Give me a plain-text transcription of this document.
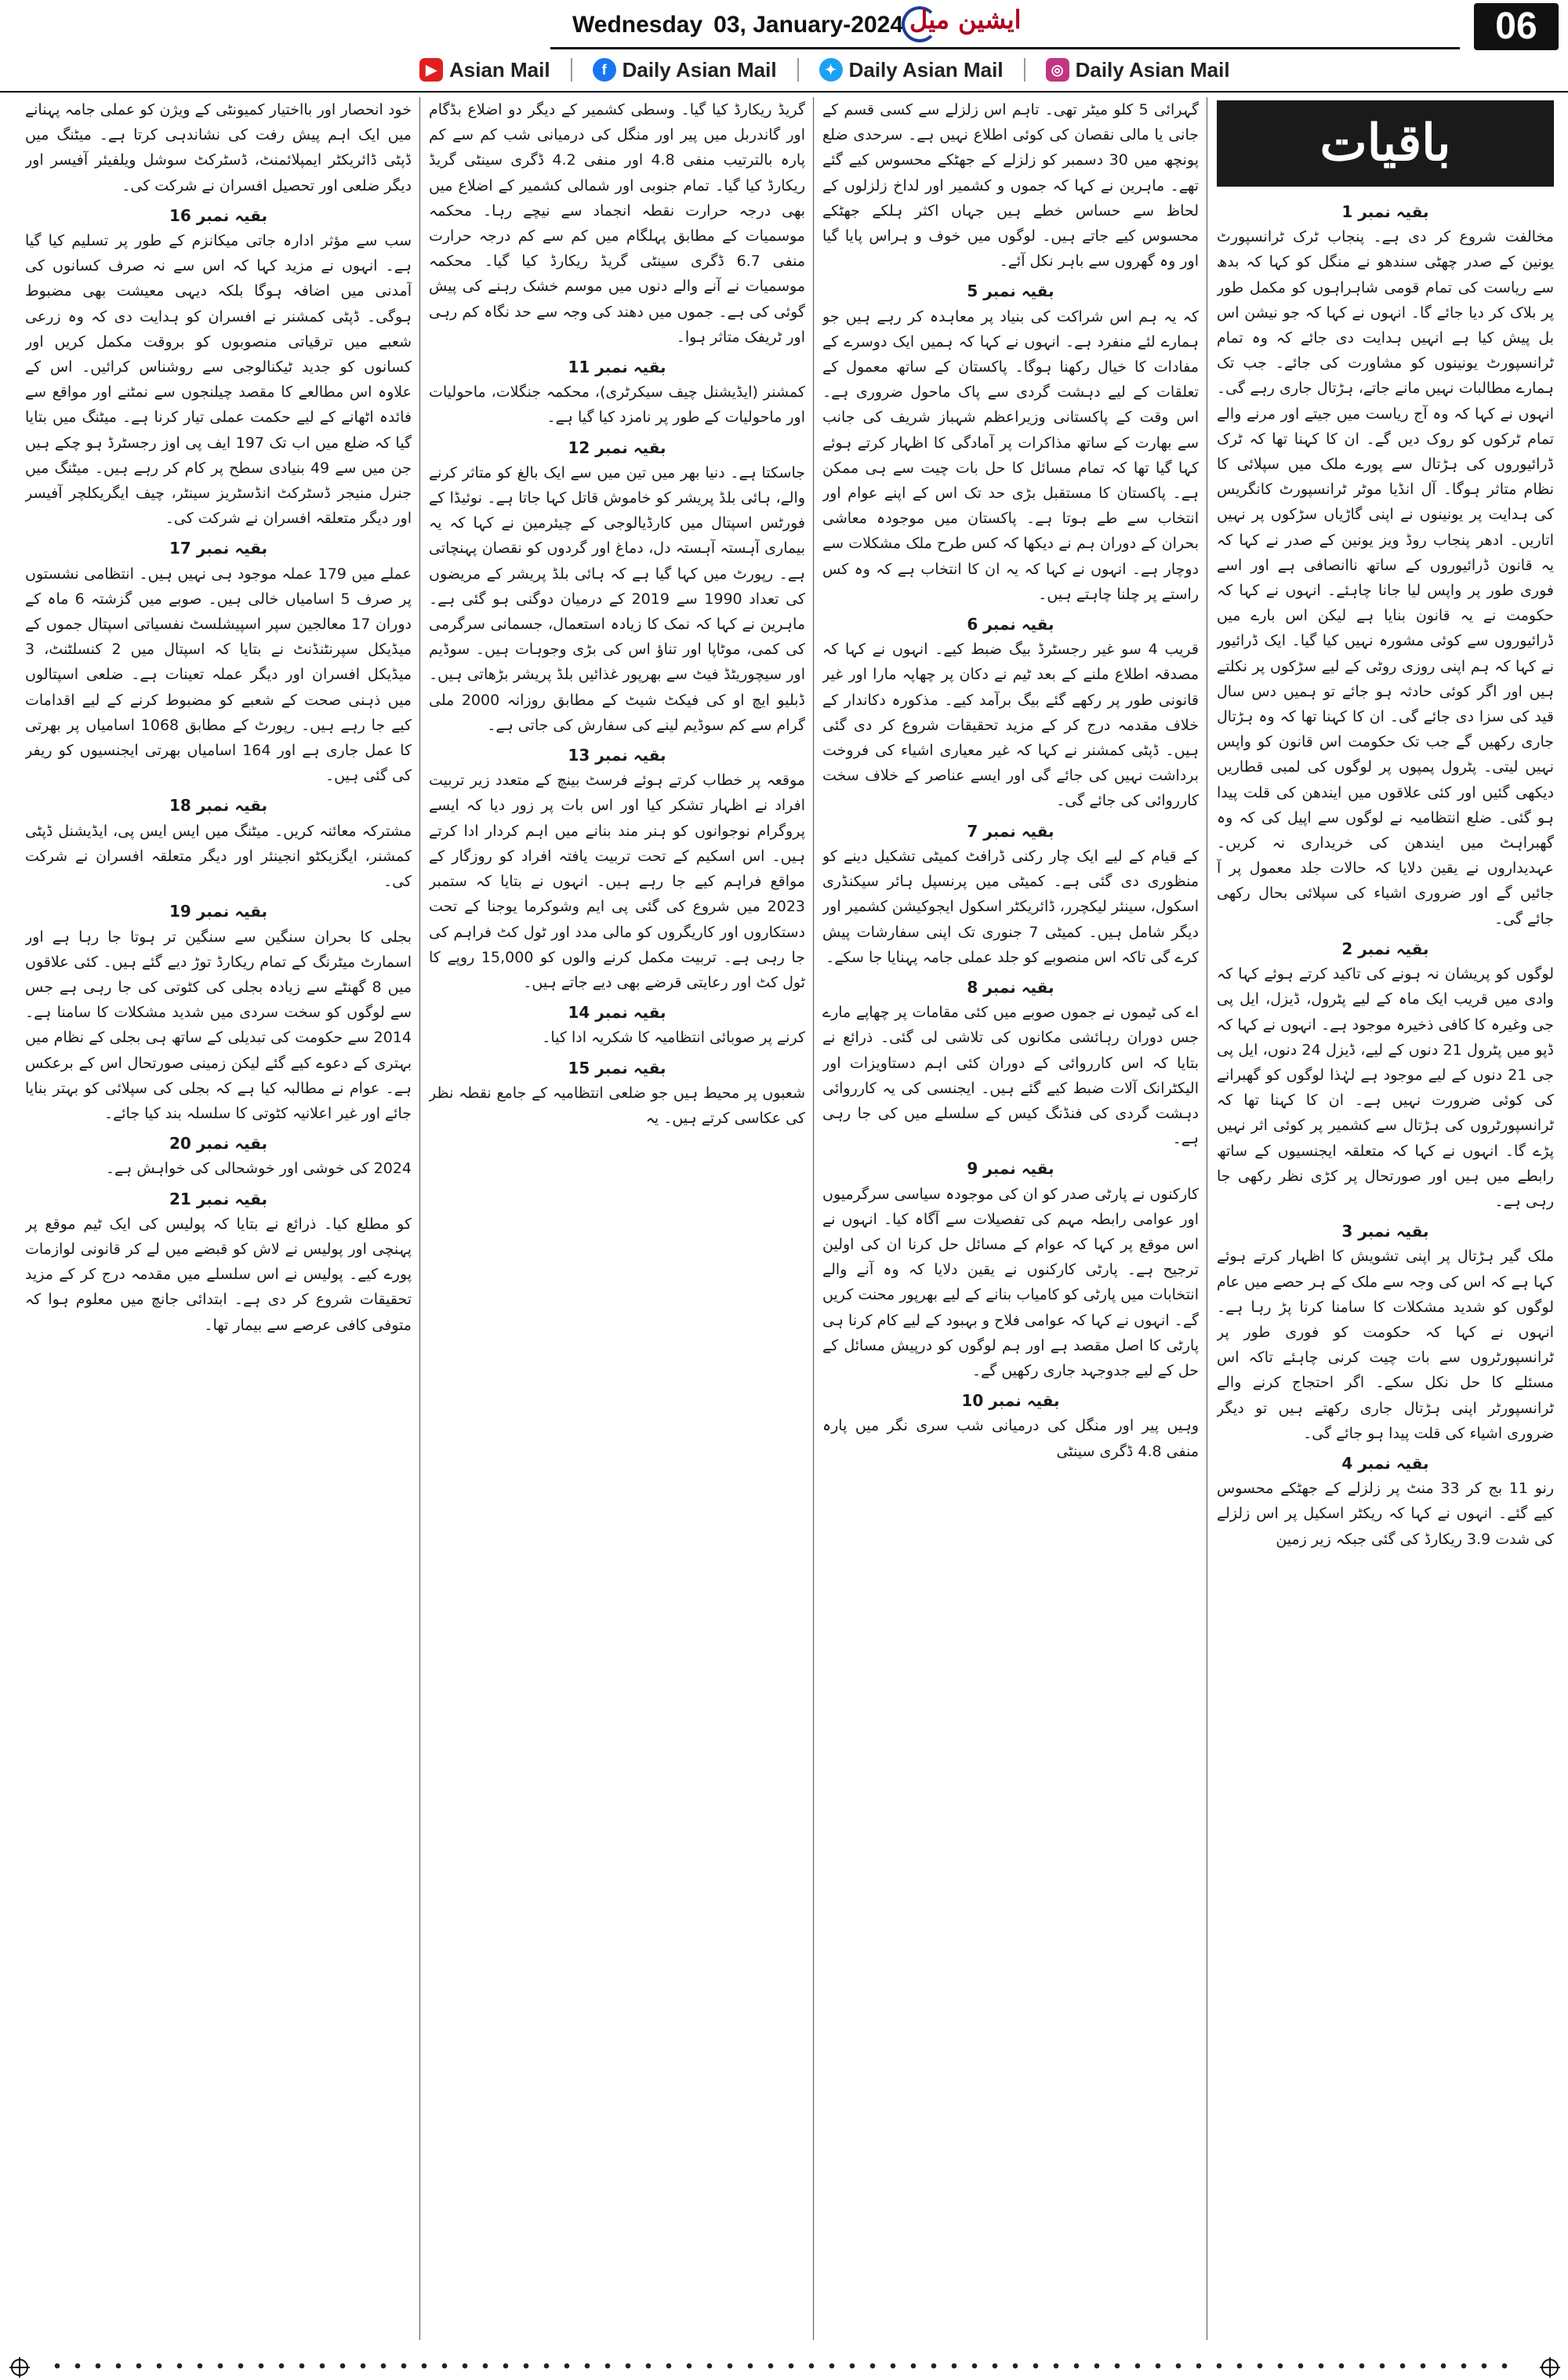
Wednesday 03, January-2024 ایشین میل	06
▶ Asian Mail	f Daily Asian Mail	✦ Daily Asian Mail	◎ Daily Asian Mail
باقیات
بقیہ نمبر 1

مخالفت شروع کر دی ہے۔ پنجاب ٹرک ٹرانسپورٹ یونین کے صدر چھٹی سندھو نے منگل کو کہا کہ بدھ سے ریاست کی تمام قومی شاہراہوں کو مکمل طور پر بلاک کر دیا جائے گا۔ انہوں نے کہا کہ جو نیشن اس بل پیش کیا ہے انہیں ہدایت دی جائے کہ وہ تمام ٹرانسپورٹ یونینوں کو مشاورت کی جائے۔ جب تک ہمارے مطالبات نہیں مانے جاتے، ہڑتال جاری رہے گی۔ انہوں نے کہا کہ وہ آج ریاست میں جیتے اور مرنے والے تمام ٹرکوں کو روک دیں گے۔ ان کا کہنا تھا کہ ٹرک ڈرائیوروں کی ہڑتال سے پورے ملک میں سپلائی کا نظام متاثر ہوگا۔ آل انڈیا موٹر ٹرانسپورٹ کانگریس کی ہدایت پر یونینوں نے اپنی گاڑیاں سڑکوں پر نہیں اتاریں۔ ادھر پنجاب روڈ ویز یونین کے صدر نے کہا کہ یہ قانون ڈرائیوروں کے ساتھ ناانصافی ہے اور اسے فوری طور پر واپس لیا جانا چاہئے۔ انہوں نے کہا کہ حکومت نے یہ قانون بنایا ہے لیکن اس بارے میں ڈرائیوروں سے کوئی مشورہ نہیں کیا گیا۔ ایک ڈرائیور نے کہا کہ ہم اپنی روزی روٹی کے لیے سڑکوں پر نکلتے ہیں اور اگر کوئی حادثہ ہو جائے تو ہمیں دس سال قید کی سزا دی جائے گی۔ ان کا کہنا تھا کہ وہ ہڑتال جاری رکھیں گے جب تک حکومت اس قانون کو واپس نہیں لیتی۔ پٹرول پمپوں پر لوگوں کی لمبی قطاریں دیکھی گئیں اور کئی علاقوں میں ایندھن کی قلت پیدا ہو گئی۔ ضلع انتظامیہ نے لوگوں سے اپیل کی کہ وہ گھبراہٹ میں ایندھن کی خریداری نہ کریں۔ عہدیداروں نے یقین دلایا کہ حالات جلد معمول پر آ جائیں گے اور ضروری اشیاء کی سپلائی بحال رکھی جائے گی۔

بقیہ نمبر 2

لوگوں کو پریشان نہ ہونے کی تاکید کرتے ہوئے کہا کہ وادی میں قریب ایک ماہ کے لیے پٹرول، ڈیزل، ایل پی جی وغیرہ کا کافی ذخیرہ موجود ہے۔ انہوں نے کہا کہ ڈپو میں پٹرول 21 دنوں کے لیے، ڈیزل 24 دنوں، ایل پی جی 21 دنوں کے لیے موجود ہے لہٰذا لوگوں کو گھبرانے کی کوئی ضرورت نہیں ہے۔ ان کا کہنا تھا کہ ٹرانسپورٹروں کی ہڑتال سے کشمیر پر کوئی اثر نہیں پڑے گا۔ انہوں نے کہا کہ متعلقہ ایجنسیوں کے ساتھ رابطے میں ہیں اور صورتحال پر کڑی نظر رکھی جا رہی ہے۔

بقیہ نمبر 3

ملک گیر ہڑتال پر اپنی تشویش کا اظہار کرتے ہوئے کہا ہے کہ اس کی وجہ سے ملک کے ہر حصے میں عام لوگوں کو شدید مشکلات کا سامنا کرنا پڑ رہا ہے۔ انہوں نے کہا کہ حکومت کو فوری طور پر ٹرانسپورٹروں سے بات چیت کرنی چاہئے تاکہ اس مسئلے کا حل نکل سکے۔ اگر احتجاج کرنے والے ٹرانسپورٹر اپنی ہڑتال جاری رکھتے ہیں تو دیگر ضروری اشیاء کی قلت پیدا ہو جائے گی۔

بقیہ نمبر 4

رنو 11 بج کر 33 منٹ پر زلزلے کے جھٹکے محسوس کیے گئے۔ انہوں نے کہا کہ ریکٹر اسکیل پر اس زلزلے کی شدت 3.9 ریکارڈ کی گئی جبکہ زیر زمین

گہرائی 5 کلو میٹر تھی۔ تاہم اس زلزلے سے کسی قسم کے جانی یا مالی نقصان کی کوئی اطلاع نہیں ہے۔ سرحدی ضلع پونچھ میں 30 دسمبر کو زلزلے کے جھٹکے محسوس کیے گئے تھے۔ ماہرین نے کہا کہ جموں و کشمیر اور لداخ زلزلوں کے لحاظ سے حساس خطے ہیں جہاں اکثر ہلکے جھٹکے محسوس کیے جاتے ہیں۔ لوگوں میں خوف و ہراس پایا گیا اور وہ گھروں سے باہر نکل آئے۔

بقیہ نمبر 5

کہ یہ ہم اس شراکت کی بنیاد پر معاہدہ کر رہے ہیں جو ہمارے لئے منفرد ہے۔ انہوں نے کہا کہ ہمیں ایک دوسرے کے مفادات کا خیال رکھنا ہوگا۔ پاکستان کے ساتھ معمول کے تعلقات کے لیے دہشت گردی سے پاک ماحول ضروری ہے۔ اس وقت کے پاکستانی وزیراعظم شہباز شریف کی جانب سے بھارت کے ساتھ مذاکرات پر آمادگی کا اظہار کرتے ہوئے کہا گیا تھا کہ تمام مسائل کا حل بات چیت سے ہی ممکن ہے۔ پاکستان کا مستقبل بڑی حد تک اس کے اپنے عوام اور انتخاب سے طے ہوتا ہے۔ پاکستان میں موجودہ معاشی بحران کے دوران ہم نے دیکھا کہ کس طرح ملک مشکلات سے دوچار ہے۔ انہوں نے کہا کہ یہ ان کا انتخاب ہے کہ وہ کس راستے پر چلنا چاہتے ہیں۔

بقیہ نمبر 6

قریب 4 سو غیر رجسٹرڈ بیگ ضبط کیے۔ انہوں نے کہا کہ مصدقہ اطلاع ملنے کے بعد ٹیم نے دکان پر چھاپہ مارا اور غیر قانونی طور پر رکھے گئے بیگ برآمد کیے۔ مذکورہ دکاندار کے خلاف مقدمہ درج کر کے مزید تحقیقات شروع کر دی گئی ہیں۔ ڈپٹی کمشنر نے کہا کہ غیر معیاری اشیاء کی فروخت برداشت نہیں کی جائے گی اور ایسے عناصر کے خلاف سخت کارروائی کی جائے گی۔

بقیہ نمبر 7

کے قیام کے لیے ایک چار رکنی ڈرافٹ کمیٹی تشکیل دینے کو منظوری دی گئی ہے۔ کمیٹی میں پرنسپل ہائر سیکنڈری اسکول، سینئر لیکچرر، ڈائریکٹر اسکول ایجوکیشن کشمیر اور دیگر شامل ہیں۔ کمیٹی 7 جنوری تک اپنی سفارشات پیش کرے گی تاکہ اس منصوبے کو جلد عملی جامہ پہنایا جا سکے۔

بقیہ نمبر 8

اے کی ٹیموں نے جموں صوبے میں کئی مقامات پر چھاپے مارے جس دوران رہائشی مکانوں کی تلاشی لی گئی۔ ذرائع نے بتایا کہ اس کارروائی کے دوران کئی اہم دستاویزات اور الیکٹرانک آلات ضبط کیے گئے ہیں۔ ایجنسی کی یہ کارروائی دہشت گردی کی فنڈنگ کیس کے سلسلے میں کی جا رہی ہے۔

بقیہ نمبر 9

کارکنوں نے پارٹی صدر کو ان کی موجودہ سیاسی سرگرمیوں اور عوامی رابطہ مہم کی تفصیلات سے آگاہ کیا۔ انہوں نے اس موقع پر کہا کہ عوام کے مسائل حل کرنا ان کی اولین ترجیح ہے۔ پارٹی کارکنوں نے یقین دلایا کہ وہ آنے والے انتخابات میں پارٹی کو کامیاب بنانے کے لیے بھرپور محنت کریں گے۔ انہوں نے کہا کہ عوامی فلاح و بہبود کے لیے کام کرنا ہی پارٹی کا اصل مقصد ہے اور ہم لوگوں کو درپیش مسائل کے حل کے لیے جدوجہد جاری رکھیں گے۔

بقیہ نمبر 10

وہیں پیر اور منگل کی درمیانی شب سری نگر میں پارہ منفی 4.8 ڈگری سینٹی

گریڈ ریکارڈ کیا گیا۔ وسطی کشمیر کے دیگر دو اضلاع بڈگام اور گاندربل میں پیر اور منگل کی درمیانی شب کم سے کم پارہ بالترتیب منفی 4.8 اور منفی 4.2 ڈگری سینٹی گریڈ ریکارڈ کیا گیا۔ تمام جنوبی اور شمالی کشمیر کے اضلاع میں بھی درجہ حرارت نقطہ انجماد سے نیچے رہا۔ محکمہ موسمیات کے مطابق پہلگام میں کم سے کم درجہ حرارت منفی 6.7 ڈگری سینٹی گریڈ ریکارڈ کیا گیا۔ محکمہ موسمیات نے آنے والے دنوں میں موسم خشک رہنے کی پیش گوئی کی ہے۔ جموں میں دھند کی وجہ سے حد نگاہ کم رہی اور ٹریفک متاثر ہوا۔

بقیہ نمبر 11

کمشنر (ایڈیشنل چیف سیکرٹری)، محکمہ جنگلات، ماحولیات اور ماحولیات کے طور پر نامزد کیا گیا ہے۔

بقیہ نمبر 12

جاسکتا ہے۔ دنیا بھر میں تین میں سے ایک بالغ کو متاثر کرنے والے، ہائی بلڈ پریشر کو خاموش قاتل کہا جاتا ہے۔ نوئیڈا کے فورٹس اسپتال میں کارڈیالوجی کے چیئرمین نے کہا کہ یہ بیماری آہستہ آہستہ دل، دماغ اور گردوں کو نقصان پہنچاتی ہے۔ رپورٹ میں کہا گیا ہے کہ ہائی بلڈ پریشر کے مریضوں کی تعداد 1990 سے 2019 کے درمیان دوگنی ہو گئی ہے۔ ماہرین نے کہا کہ نمک کا زیادہ استعمال، جسمانی سرگرمی کی کمی، موٹاپا اور تناؤ اس کی بڑی وجوہات ہیں۔ سوڈیم اور سیچوریٹڈ فیٹ سے بھرپور غذائیں بلڈ پریشر بڑھاتی ہیں۔ ڈبلیو ایچ او کی فیکٹ شیٹ کے مطابق روزانہ 2000 ملی گرام سے کم سوڈیم لینے کی سفارش کی جاتی ہے۔

بقیہ نمبر 13

موقعہ پر خطاب کرتے ہوئے فرسٹ بینچ کے متعدد زیر تربیت افراد نے اظہار تشکر کیا اور اس بات پر زور دیا کہ ایسے پروگرام نوجوانوں کو ہنر مند بنانے میں اہم کردار ادا کرتے ہیں۔ اس اسکیم کے تحت تربیت یافتہ افراد کو روزگار کے مواقع فراہم کیے جا رہے ہیں۔ انہوں نے بتایا کہ ستمبر 2023 میں شروع کی گئی پی ایم وشوکرما یوجنا کے تحت دستکاروں اور کاریگروں کو مالی مدد اور ٹول کٹ فراہم کی جا رہی ہے۔ تربیت مکمل کرنے والوں کو 15,000 روپے کا ٹول کٹ اور رعایتی قرضے بھی دیے جاتے ہیں۔

بقیہ نمبر 14

کرنے پر صوبائی انتظامیہ کا شکریہ ادا کیا۔

بقیہ نمبر 15

شعبوں پر محیط ہیں جو ضلعی انتظامیہ کے جامع نقطہ نظر کی عکاسی کرتے ہیں۔ یہ

خود انحصار اور بااختیار کمیونٹی کے ویژن کو عملی جامہ پہنانے میں ایک اہم پیش رفت کی نشاندہی کرتا ہے۔ میٹنگ میں ڈپٹی ڈائریکٹر ایمپلائمنٹ، ڈسٹرکٹ سوشل ویلفیئر آفیسر اور دیگر ضلعی اور تحصیل افسران نے شرکت کی۔

بقیہ نمبر 16

سب سے مؤثر ادارہ جاتی میکانزم کے طور پر تسلیم کیا گیا ہے۔ انہوں نے مزید کہا کہ اس سے نہ صرف کسانوں کی آمدنی میں اضافہ ہوگا بلکہ دیہی معیشت بھی مضبوط ہوگی۔ ڈپٹی کمشنر نے افسران کو ہدایت دی کہ وہ زرعی شعبے میں ترقیاتی منصوبوں کو بروقت مکمل کریں اور کسانوں کو جدید ٹیکنالوجی سے روشناس کرائیں۔ اس کے علاوہ اس مطالعے کا مقصد چیلنجوں سے نمٹنے اور مواقع سے فائدہ اٹھانے کے لیے حکمت عملی تیار کرنا ہے۔ میٹنگ میں بتایا گیا کہ ضلع میں اب تک 197 ایف پی اوز رجسٹرڈ ہو چکے ہیں جن میں سے 49 بنیادی سطح پر کام کر رہے ہیں۔ میٹنگ میں جنرل منیجر ڈسٹرکٹ انڈسٹریز سینٹر، چیف ایگریکلچر آفیسر اور دیگر متعلقہ افسران نے شرکت کی۔

بقیہ نمبر 17

عملے میں 179 عملہ موجود ہی نہیں ہیں۔ انتظامی نشستوں پر صرف 5 اسامیاں خالی ہیں۔ صوبے میں گزشتہ 6 ماہ کے دوران 17 معالجین سپر اسپیشلسٹ نفسیاتی اسپتال جموں کے میڈیکل سپرنٹنڈنٹ نے بتایا کہ اسپتال میں 2 کنسلٹنٹ، 3 میڈیکل افسران اور دیگر عملہ تعینات ہے۔ ضلعی اسپتالوں میں ذہنی صحت کے شعبے کو مضبوط کرنے کے لیے اقدامات کیے جا رہے ہیں۔ رپورٹ کے مطابق 1068 اسامیاں پر بھرتی کا عمل جاری ہے اور 164 اسامیاں بھرتی ایجنسیوں کو ریفر کی گئی ہیں۔

بقیہ نمبر 18

مشترکہ معائنہ کریں۔ میٹنگ میں ایس ایس پی، ایڈیشنل ڈپٹی کمشنر، ایگزیکٹو انجینئر اور دیگر متعلقہ افسران نے شرکت کی۔

بقیہ نمبر 19

بجلی کا بحران سنگین سے سنگین تر ہوتا جا رہا ہے اور اسمارٹ میٹرنگ کے تمام ریکارڈ توڑ دیے گئے ہیں۔ کئی علاقوں میں 8 گھنٹے سے زیادہ بجلی کی کٹوتی کی جا رہی ہے جس سے لوگوں کو سخت سردی میں شدید مشکلات کا سامنا ہے۔ 2014 سے حکومت کی تبدیلی کے ساتھ ہی بجلی کے نظام میں بہتری کے دعوے کیے گئے لیکن زمینی صورتحال اس کے برعکس ہے۔ عوام نے مطالبہ کیا ہے کہ بجلی کی سپلائی کو بہتر بنایا جائے اور غیر اعلانیہ کٹوتی کا سلسلہ بند کیا جائے۔

بقیہ نمبر 20

2024 کی خوشی اور خوشحالی کی خواہش ہے۔

بقیہ نمبر 21

کو مطلع کیا۔ ذرائع نے بتایا کہ پولیس کی ایک ٹیم موقع پر پہنچی اور پولیس نے لاش کو قبضے میں لے کر قانونی لوازمات پورے کیے۔ پولیس نے اس سلسلے میں مقدمہ درج کر کے مزید تحقیقات شروع کر دی ہے۔ ابتدائی جانچ میں معلوم ہوا کہ متوفی کافی عرصے سے بیمار تھا۔
